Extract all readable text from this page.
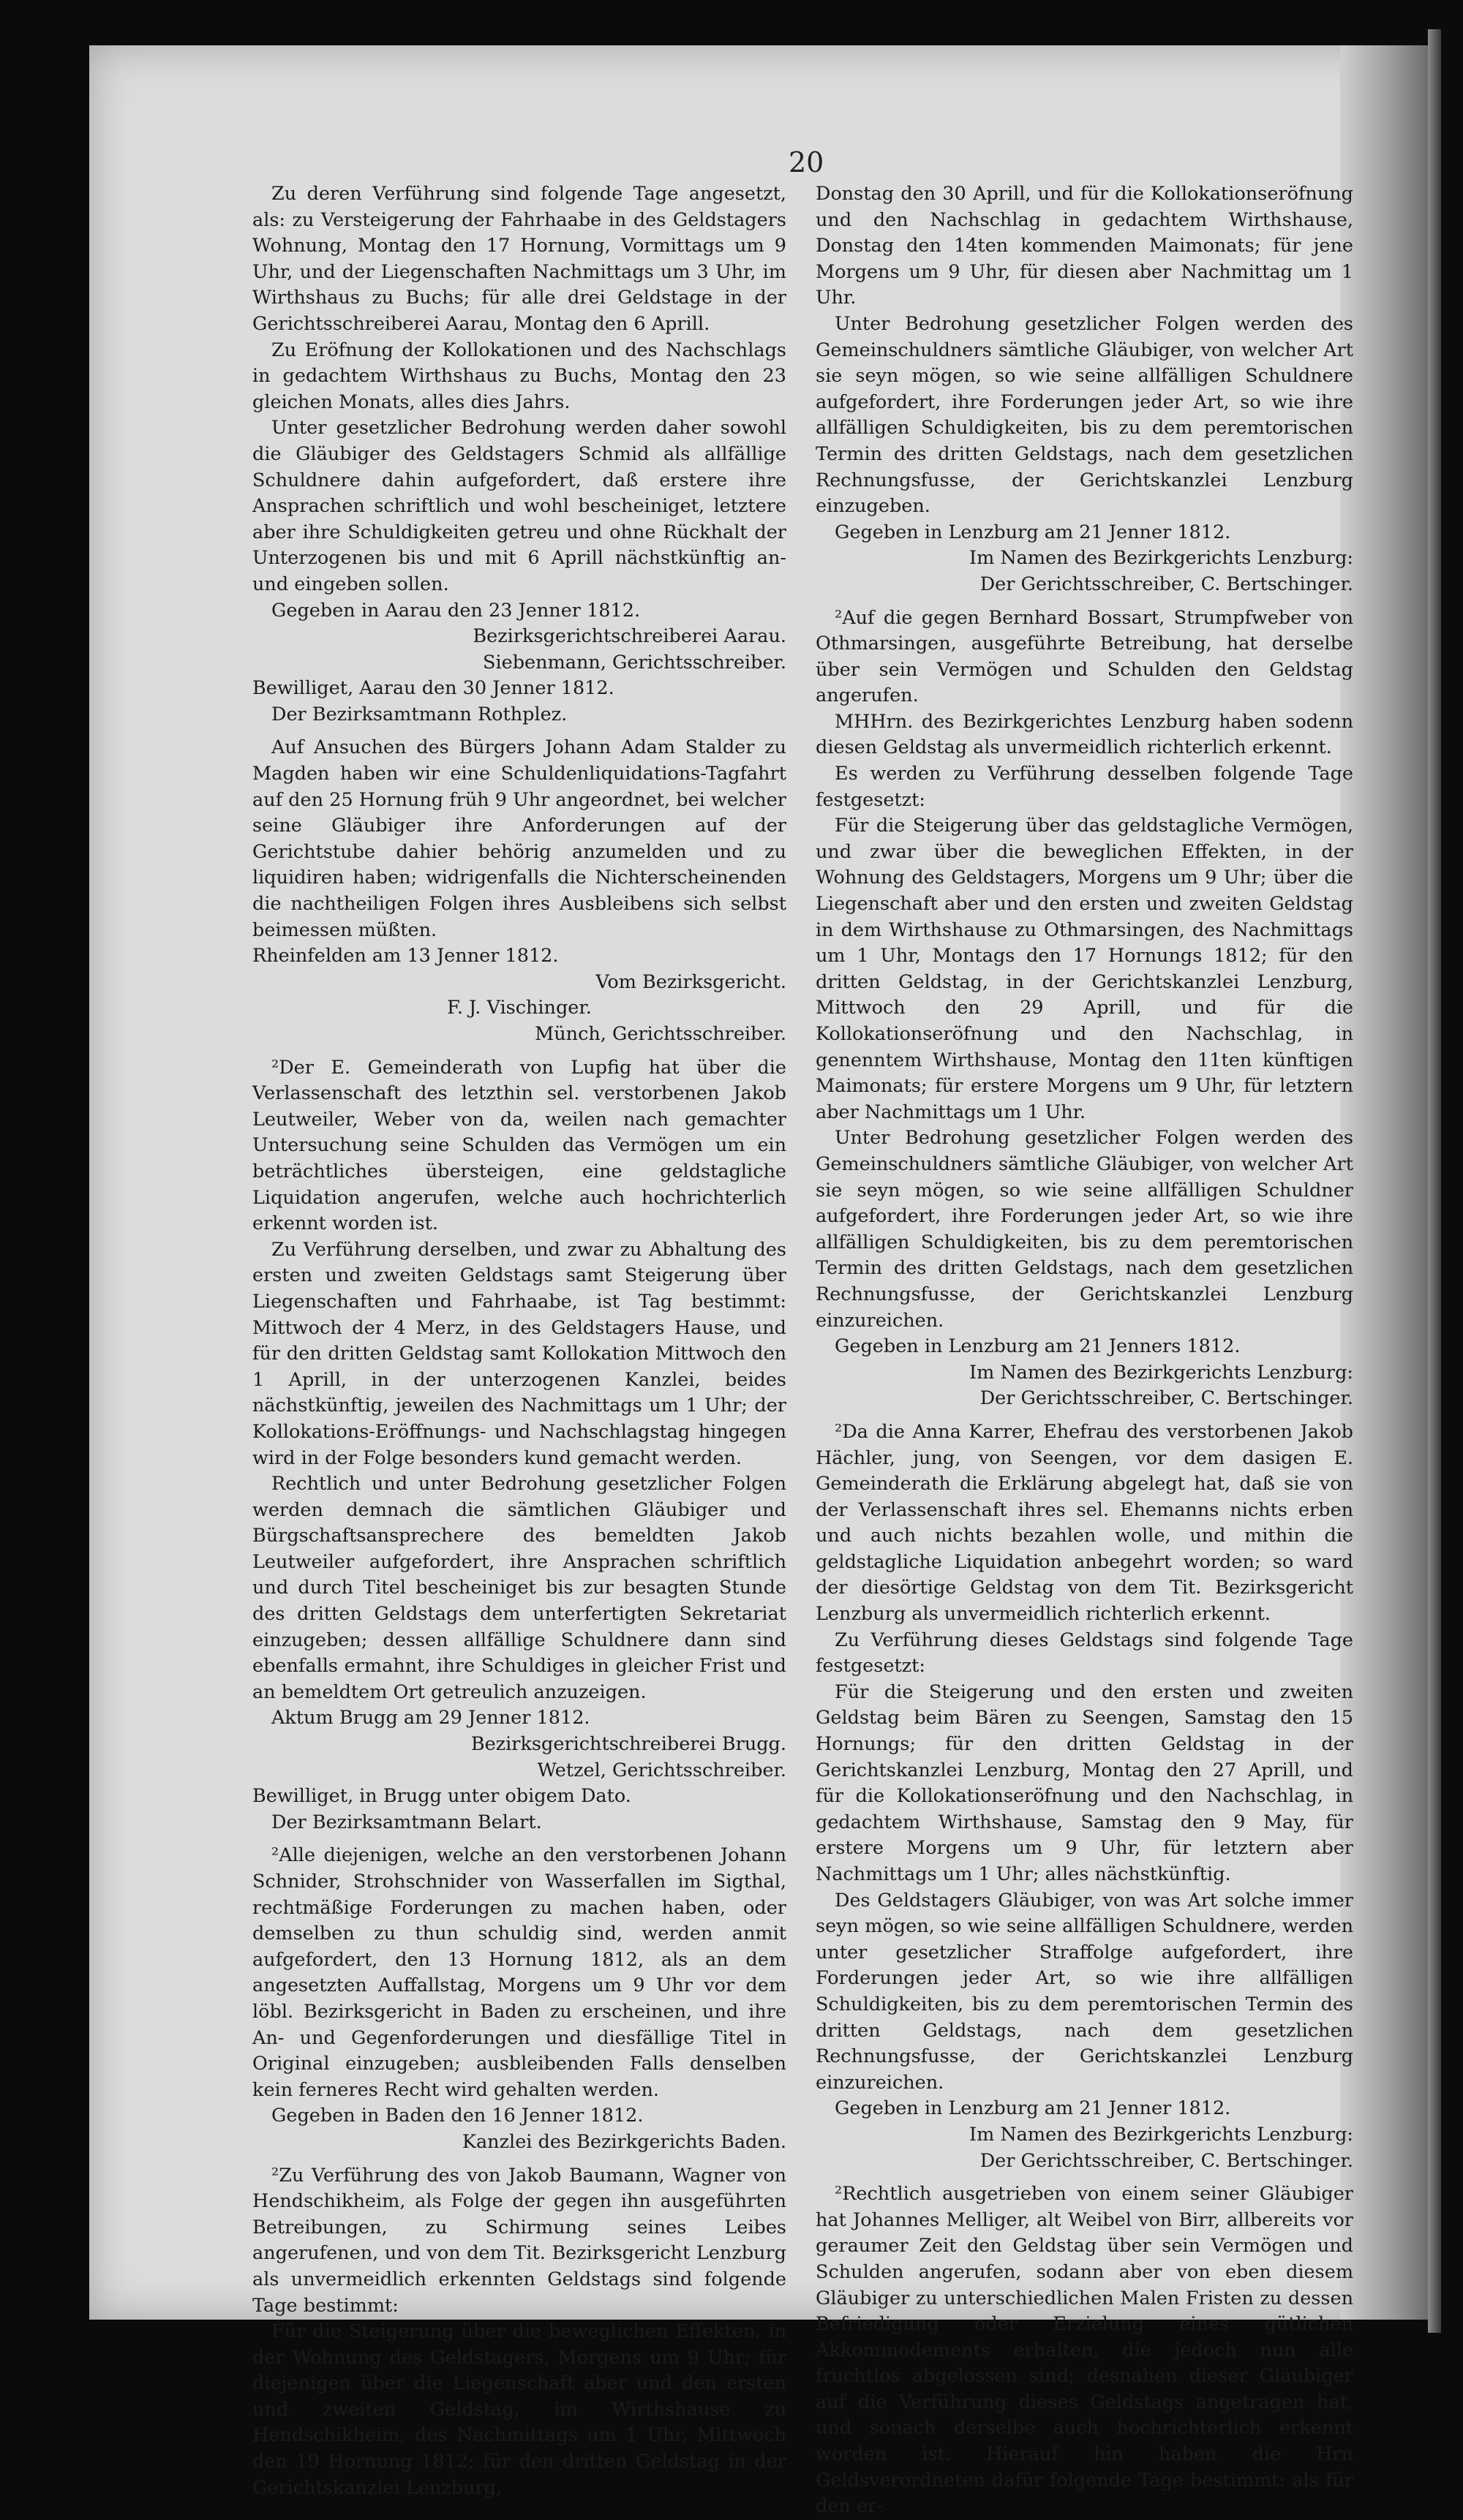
20
Zu deren Verführung sind folgende Tage angesetzt, als: zu Versteigerung der Fahrhaabe in des Geldstagers Wohnung, Montag den 17 Hornung, Vormittags um 9 Uhr, und der Liegenschaften Nachmittags um 3 Uhr, im Wirthshaus zu Buchs; für alle drei Geldstage in der Gerichtsschreiberei Aarau, Montag den 6 Aprill.
Zu Eröfnung der Kollokationen und des Nachschlags in gedachtem Wirthshaus zu Buchs, Montag den 23 gleichen Monats, alles dies Jahrs.
Unter gesetzlicher Bedrohung werden daher sowohl die Gläubiger des Geldstagers Schmid als allfällige Schuldnere dahin aufgefordert, daß erstere ihre Ansprachen schriftlich und wohl bescheiniget, letztere aber ihre Schuldigkeiten getreu und ohne Rückhalt der Unterzogenen bis und mit 6 Aprill nächstkünftig an- und eingeben sollen.
Gegeben in Aarau den 23 Jenner 1812.
Bezirksgerichtschreiberei Aarau.
Siebenmann, Gerichtsschreiber.
Bewilliget, Aarau den 30 Jenner 1812.
Der Bezirksamtmann Rothplez.
Auf Ansuchen des Bürgers Johann Adam Stalder zu Magden haben wir eine Schuldenliquidations-Tagfahrt auf den 25 Hornung früh 9 Uhr angeordnet, bei welcher seine Gläubiger ihre Anforderungen auf der Gerichtstube dahier behörig anzumelden und zu liquidiren haben; widrigenfalls die Nichterscheinenden die nachtheiligen Folgen ihres Ausbleibens sich selbst beimessen müßten.
Rheinfelden am 13 Jenner 1812.
Vom Bezirksgericht.
F. J. Vischinger.
Münch, Gerichtsschreiber.
²Der E. Gemeinderath von Lupfig hat über die Verlassenschaft des letzthin sel. verstorbenen Jakob Leutweiler, Weber von da, weilen nach gemachter Untersuchung seine Schulden das Vermögen um ein beträchtliches übersteigen, eine geldstagliche Liquidation angerufen, welche auch hochrichterlich erkennt worden ist.
Zu Verführung derselben, und zwar zu Abhaltung des ersten und zweiten Geldstags samt Steigerung über Liegenschaften und Fahrhaabe, ist Tag bestimmt: Mittwoch der 4 Merz, in des Geldstagers Hause, und für den dritten Geldstag samt Kollokation Mittwoch den 1 Aprill, in der unterzogenen Kanzlei, beides nächstkünftig, jeweilen des Nachmittags um 1 Uhr; der Kollokations-Eröffnungs- und Nachschlagstag hingegen wird in der Folge besonders kund gemacht werden.
Rechtlich und unter Bedrohung gesetzlicher Folgen werden demnach die sämtlichen Gläubiger und Bürgschaftsansprechere des bemeldten Jakob Leutweiler aufgefordert, ihre Ansprachen schriftlich und durch Titel bescheiniget bis zur besagten Stunde des dritten Geldstags dem unterfertigten Sekretariat einzugeben; dessen allfällige Schuldnere dann sind ebenfalls ermahnt, ihre Schuldiges in gleicher Frist und an bemeldtem Ort getreulich anzuzeigen.
Aktum Brugg am 29 Jenner 1812.
Bezirksgerichtschreiberei Brugg.
Wetzel, Gerichtsschreiber.
Bewilliget, in Brugg unter obigem Dato.
Der Bezirksamtmann Belart.
²Alle diejenigen, welche an den verstorbenen Johann Schnider, Strohschnider von Wasserfallen im Sigthal, rechtmäßige Forderungen zu machen haben, oder demselben zu thun schuldig sind, werden anmit aufgefordert, den 13 Hornung 1812, als an dem angesetzten Auffallstag, Morgens um 9 Uhr vor dem löbl. Bezirksgericht in Baden zu erscheinen, und ihre An- und Gegenforderungen und diesfällige Titel in Original einzugeben; ausbleibenden Falls denselben kein ferneres Recht wird gehalten werden.
Gegeben in Baden den 16 Jenner 1812.
Kanzlei des Bezirkgerichts Baden.
²Zu Verführung des von Jakob Baumann, Wagner von Hendschikheim, als Folge der gegen ihn ausgeführten Betreibungen, zu Schirmung seines Leibes angerufenen, und von dem Tit. Bezirksgericht Lenzburg als unvermeidlich erkennten Geldstags sind folgende Tage bestimmt:
Für die Steigerung über die beweglichen Effekten, in der Wohnung des Geldstagers, Morgens um 9 Uhr; für diejenigen über die Liegenschaft aber und den ersten und zweiten Geldstag, im Wirthshause zu Hendschikheim, des Nachmittags um 1 Uhr, Mittwoch den 19 Hornung 1812; für den dritten Geldstag in der Gerichtskanzlei Lenzburg,
Donstag den 30 Aprill, und für die Kollokationseröfnung und den Nachschlag in gedachtem Wirthshause, Donstag den 14ten kommenden Maimonats; für jene Morgens um 9 Uhr, für diesen aber Nachmittag um 1 Uhr.
Unter Bedrohung gesetzlicher Folgen werden des Gemeinschuldners sämtliche Gläubiger, von welcher Art sie seyn mögen, so wie seine allfälligen Schuldnere aufgefordert, ihre Forderungen jeder Art, so wie ihre allfälligen Schuldigkeiten, bis zu dem peremtorischen Termin des dritten Geldstags, nach dem gesetzlichen Rechnungsfusse, der Gerichtskanzlei Lenzburg einzugeben.
Gegeben in Lenzburg am 21 Jenner 1812.
Im Namen des Bezirkgerichts Lenzburg:
Der Gerichtsschreiber, C. Bertschinger.
²Auf die gegen Bernhard Bossart, Strumpfweber von Othmarsingen, ausgeführte Betreibung, hat derselbe über sein Vermögen und Schulden den Geldstag angerufen.
MHHrn. des Bezirkgerichtes Lenzburg haben sodenn diesen Geldstag als unvermeidlich richterlich erkennt.
Es werden zu Verführung desselben folgende Tage festgesetzt:
Für die Steigerung über das geldstagliche Vermögen, und zwar über die beweglichen Effekten, in der Wohnung des Geldstagers, Morgens um 9 Uhr; über die Liegenschaft aber und den ersten und zweiten Geldstag in dem Wirthshause zu Othmarsingen, des Nachmittags um 1 Uhr, Montags den 17 Hornungs 1812; für den dritten Geldstag, in der Gerichtskanzlei Lenzburg, Mittwoch den 29 Aprill, und für die Kollokationseröfnung und den Nachschlag, in genenntem Wirthshause, Montag den 11ten künftigen Maimonats; für erstere Morgens um 9 Uhr, für letztern aber Nachmittags um 1 Uhr.
Unter Bedrohung gesetzlicher Folgen werden des Gemeinschuldners sämtliche Gläubiger, von welcher Art sie seyn mögen, so wie seine allfälligen Schuldner aufgefordert, ihre Forderungen jeder Art, so wie ihre allfälligen Schuldigkeiten, bis zu dem peremtorischen Termin des dritten Geldstags, nach dem gesetzlichen Rechnungsfusse, der Gerichtskanzlei Lenzburg einzureichen.
Gegeben in Lenzburg am 21 Jenners 1812.
Im Namen des Bezirkgerichts Lenzburg:
Der Gerichtsschreiber, C. Bertschinger.
²Da die Anna Karrer, Ehefrau des verstorbenen Jakob Hächler, jung, von Seengen, vor dem dasigen E. Gemeinderath die Erklärung abgelegt hat, daß sie von der Verlassenschaft ihres sel. Ehemanns nichts erben und auch nichts bezahlen wolle, und mithin die geldstagliche Liquidation anbegehrt worden; so ward der diesörtige Geldstag von dem Tit. Bezirksgericht Lenzburg als unvermeidlich richterlich erkennt.
Zu Verführung dieses Geldstags sind folgende Tage festgesetzt:
Für die Steigerung und den ersten und zweiten Geldstag beim Bären zu Seengen, Samstag den 15 Hornungs; für den dritten Geldstag in der Gerichtskanzlei Lenzburg, Montag den 27 Aprill, und für die Kollokationseröfnung und den Nachschlag, in gedachtem Wirthshause, Samstag den 9 May, für erstere Morgens um 9 Uhr, für letztern aber Nachmittags um 1 Uhr; alles nächstkünftig.
Des Geldstagers Gläubiger, von was Art solche immer seyn mögen, so wie seine allfälligen Schuldnere, werden unter gesetzlicher Straffolge aufgefordert, ihre Forderungen jeder Art, so wie ihre allfälligen Schuldigkeiten, bis zu dem peremtorischen Termin des dritten Geldstags, nach dem gesetzlichen Rechnungsfusse, der Gerichtskanzlei Lenzburg einzureichen.
Gegeben in Lenzburg am 21 Jenner 1812.
Im Namen des Bezirkgerichts Lenzburg:
Der Gerichtsschreiber, C. Bertschinger.
²Rechtlich ausgetrieben von einem seiner Gläubiger hat Johannes Melliger, alt Weibel von Birr, allbereits vor geraumer Zeit den Geldstag über sein Vermögen und Schulden angerufen, sodann aber von eben diesem Gläubiger zu unterschiedlichen Malen Fristen zu dessen Befriedigung oder Erzielung eines gütlichen Akkommodements erhalten, die jedoch nun alle fruchtlos abgelossen sind; desnahen dieser Gläubiger auf die Verführung dieses Geldstags angetragen hat, und sonach derselbe auch hochrichterlich erkennt worden ist. Hierauf hin haben die Hrn Geldsverordneten dafür folgende Tage bestimmt: als für den er-
